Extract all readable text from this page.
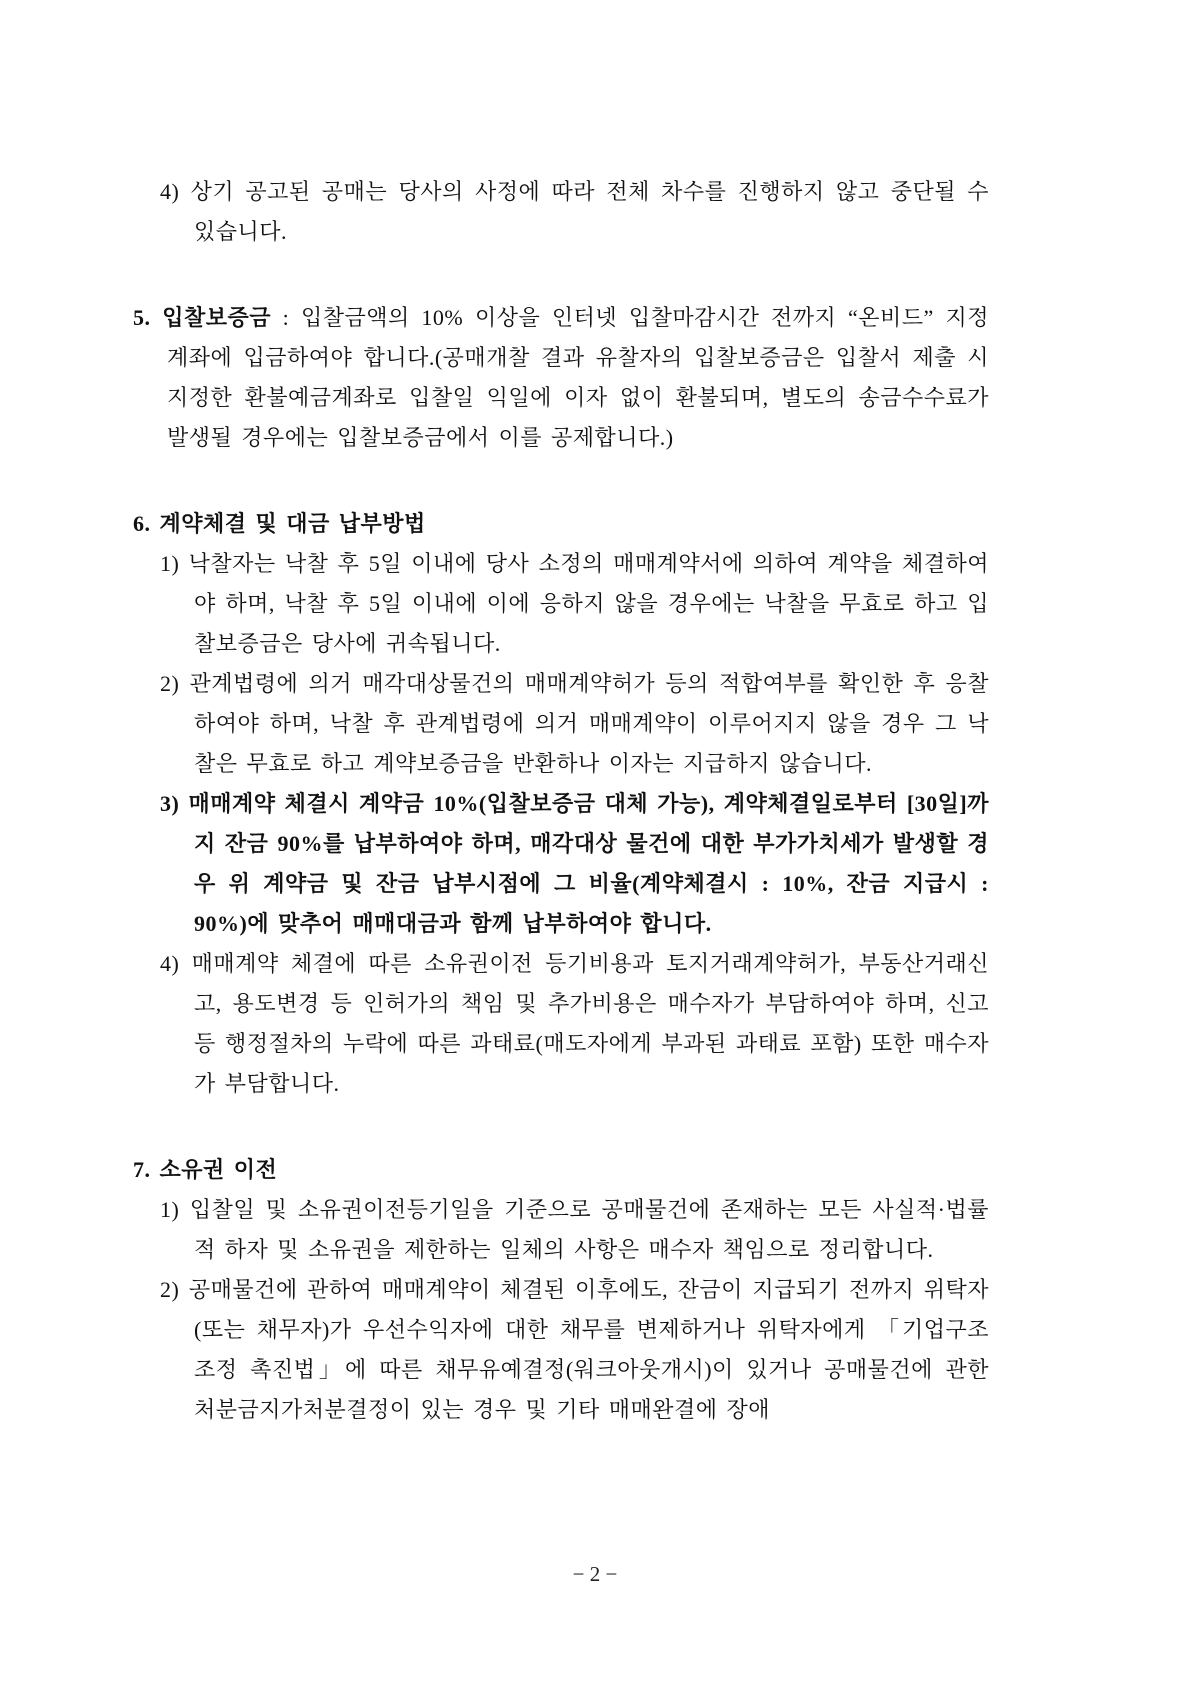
4) 상기 공고된 공매는 당사의 사정에 따라 전체 차수를 진행하지 않고 중단될 수 있습니다.
5. 입찰보증금 : 입찰금액의 10% 이상을 인터넷 입찰마감시간 전까지 “온비드” 지정 계좌에 입금하여야 합니다.(공매개찰 결과 유찰자의 입찰보증금은 입찰서 제출 시 지정한 환불예금계좌로 입찰일 익일에 이자 없이 환불되며, 별도의 송금수수료가 발생될 경우에는 입찰보증금에서 이를 공제합니다.)
6. 계약체결 및 대금 납부방법
1) 낙찰자는 낙찰 후 5일 이내에 당사 소정의 매매계약서에 의하여 계약을 체결하여야 하며, 낙찰 후 5일 이내에 이에 응하지 않을 경우에는 낙찰을 무효로 하고 입찰보증금은 당사에 귀속됩니다.
2) 관계법령에 의거 매각대상물건의 매매계약허가 등의 적합여부를 확인한 후 응찰하여야 하며, 낙찰 후 관계법령에 의거 매매계약이 이루어지지 않을 경우 그 낙찰은 무효로 하고 계약보증금을 반환하나 이자는 지급하지 않습니다.
3) 매매계약 체결시 계약금 10%(입찰보증금 대체 가능), 계약체결일로부터 [30일]까지 잔금 90%를 납부하여야 하며, 매각대상 물건에 대한 부가가치세가 발생할 경우 위 계약금 및 잔금 납부시점에 그 비율(계약체결시 : 10%, 잔금 지급시 : 90%)에 맞추어 매매대금과 함께 납부하여야 합니다.
4) 매매계약 체결에 따른 소유권이전 등기비용과 토지거래계약허가, 부동산거래신고, 용도변경 등 인허가의 책임 및 추가비용은 매수자가 부담하여야 하며, 신고 등 행정절차의 누락에 따른 과태료(매도자에게 부과된 과태료 포함) 또한 매수자가 부담합니다.
7. 소유권 이전
1) 입찰일 및 소유권이전등기일을 기준으로 공매물건에 존재하는 모든 사실적·법률적 하자 및 소유권을 제한하는 일체의 사항은 매수자 책임으로 정리합니다.
2) 공매물건에 관하여 매매계약이 체결된 이후에도, 잔금이 지급되기 전까지 위탁자(또는 채무자)가 우선수익자에 대한 채무를 변제하거나 위탁자에게 「기업구조조정 촉진법」에 따른 채무유예결정(워크아웃개시)이 있거나 공매물건에 관한 처분금지가처분결정이 있는 경우 및 기타 매매완결에 장애
− 2 −
